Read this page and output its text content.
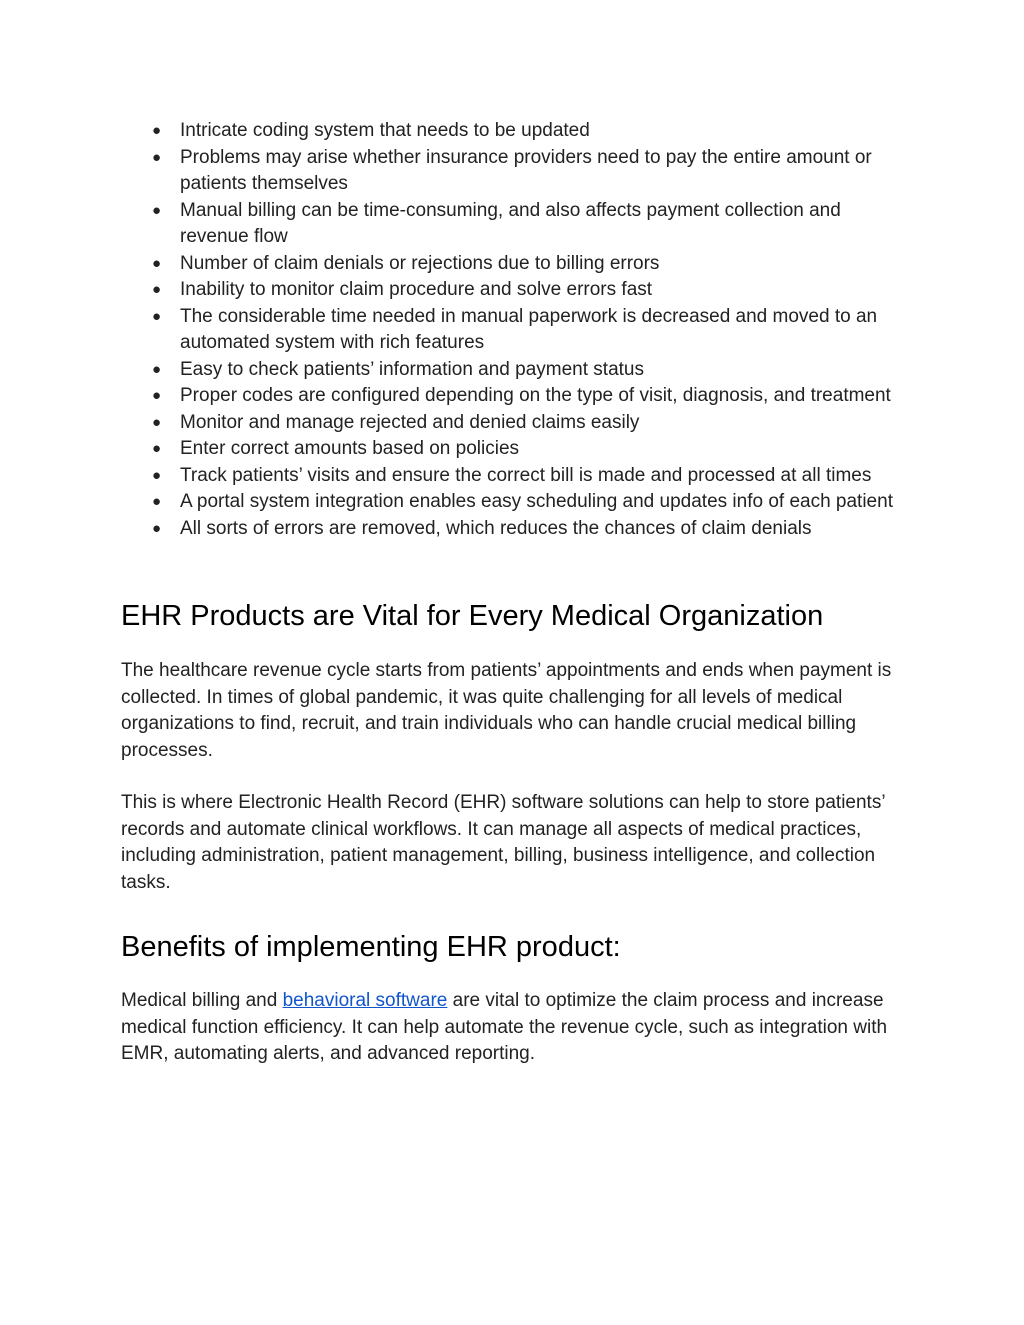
● Intricate coding system that needs to be updated
● Problems may arise whether insurance providers need to pay the entire amount or patients themselves
● Manual billing can be time-consuming, and also affects payment collection and revenue flow
● Number of claim denials or rejections due to billing errors
● Inability to monitor claim procedure and solve errors fast
● The considerable time needed in manual paperwork is decreased and moved to an automated system with rich features
● Easy to check patients’ information and payment status
● Proper codes are configured depending on the type of visit, diagnosis, and treatment
● Monitor and manage rejected and denied claims easily
● Enter correct amounts based on policies
● Track patients’ visits and ensure the correct bill is made and processed at all times
● A portal system integration enables easy scheduling and updates info of each patient
● All sorts of errors are removed, which reduces the chances of claim denials
EHR Products are Vital for Every Medical Organization

The healthcare revenue cycle starts from patients’ appointments and ends when payment is collected. In times of global pandemic, it was quite challenging for all levels of medical organizations to find, recruit, and train individuals who can handle crucial medical billing processes.

This is where Electronic Health Record (EHR) software solutions can help to store patients’ records and automate clinical workflows. It can manage all aspects of medical practices, including administration, patient management, billing, business intelligence, and collection tasks.

Benefits of implementing EHR product:

Medical billing and behavioral software are vital to optimize the claim process and increase medical function efficiency. It can help automate the revenue cycle, such as integration with EMR, automating alerts, and advanced reporting.
